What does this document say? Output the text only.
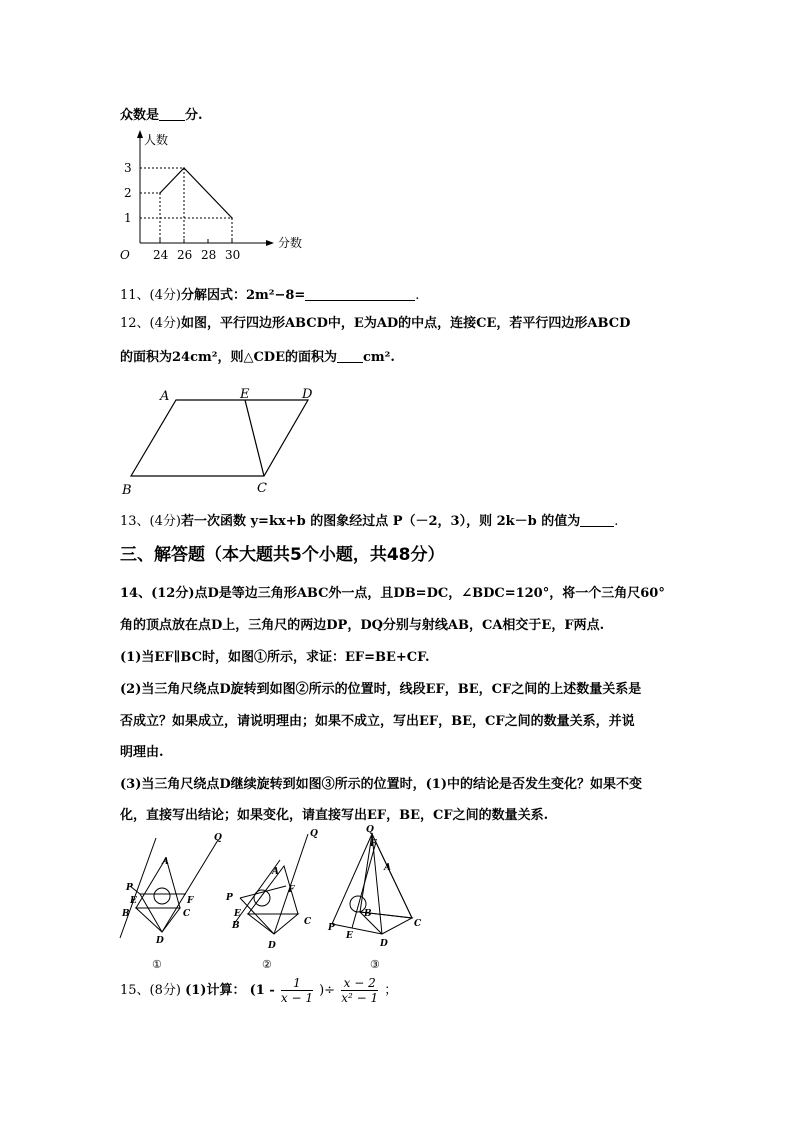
众数是 分.
人数
分数
O 24 26 28 30
1
2
3
11、(4分)分解因式：2m²−8=	.
12、(4分)如图，平行四边形ABCD中，E为AD的中点，连接CE，若平行四边形ABCD
的面积为24cm²，则△CDE的面积为 cm².
A	E	D
B	C
13、(4分)若一次函数 y=kx+b 的图象经过点 P（－2，3），则 2k－b 的值为	.
三、解答题（本大题共5个小题，共48分）
14、(12分)点D是等边三角形ABC外一点，且DB=DC，∠BDC=120°，将一个三角尺60°
角的顶点放在点D上，三角尺的两边DP，DQ分别与射线AB，CA相交于E，F两点.
(1)当EF∥BC时，如图①所示，求证：EF=BE+CF.
(2)当三角尺绕点D旋转到如图②所示的位置时，线段EF，BE，CF之间的上述数量关系是
否成立？如果成立，请说明理由；如果不成立，写出EF，BE，CF之间的数量关系，并说
明理由.
(3)当三角尺绕点D继续旋转到如图③所示的位置时，(1)中的结论是否发生变化？如果不变
化，直接写出结论；如果变化，请直接写出EF，BE，CF之间的数量关系.
Q
A
P
E	F
B	C
D
①
Q
A
P
F
E
B	C
D
②
Q
F
A
B
C
P
E
D
③
15、(8分) (1)计算： ($1 - \frac{1}{x - 1}$ )÷ $\frac{x - 2}{\text{x² − 1}}$ ；
